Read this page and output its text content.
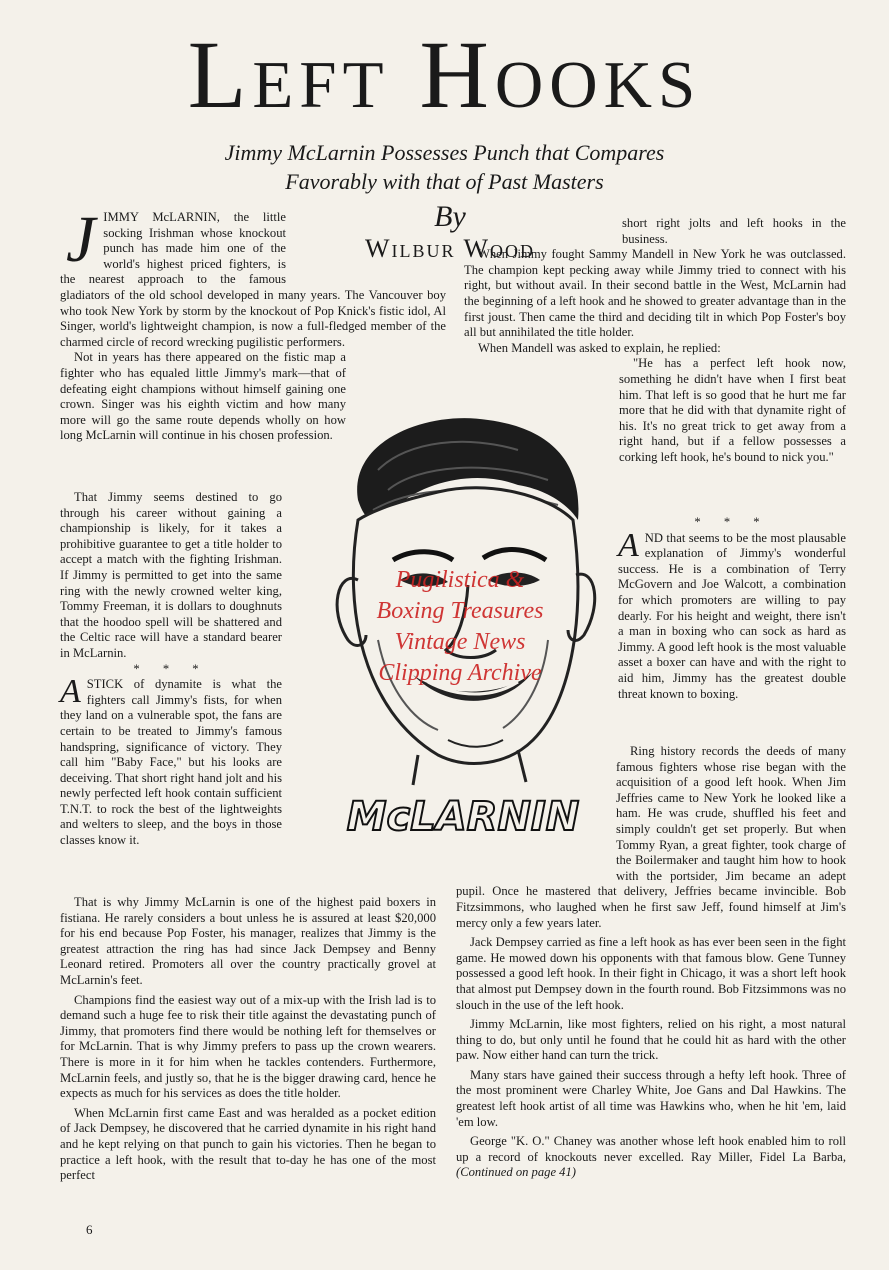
Left Hooks
Jimmy McLarnin Possesses Punch that Compares
Favorably with that of Past Masters
By
Wilbur Wood

JIMMY McLARNIN, the little socking Irishman whose knockout punch has made him one of the world's highest priced fighters, is the nearest approach to the famous gladiators of the old school developed in many years. The Vancouver boy who took New York by storm by the knockout of Pop Knick's fistic idol, Al Singer, world's lightweight champion, is now a full-fledged member of the charmed circle of record wrecking pugilistic performers.

Not in years has there appeared on the fistic map a fighter who has equaled little Jimmy's mark—that of defeating eight champions without himself gaining one crown. Singer was his eighth victim and how many more will go the same route depends wholly on how long McLarnin will continue in his chosen profession.

That Jimmy seems destined to go through his career without gaining a championship is likely, for it takes a prohibitive guarantee to get a title holder to accept a match with the fighting Irishman. If Jimmy is permitted to get into the same ring with the newly crowned welter king, Tommy Freeman, it is dollars to doughnuts that the hoodoo spell will be shattered and the Celtic race will have a standard bearer in McLarnin.

* * *

ASTICK of dynamite is what the fighters call Jimmy's fists, for when they land on a vulnerable spot, the fans are certain to be treated to Jimmy's famous handspring, significance of victory. They call him "Baby Face," but his looks are deceiving. That short right hand jolt and his newly perfected left hook contain sufficient T.N.T. to rock the best of the lightweights and welters to sleep, and the boys in those classes know it.

That is why Jimmy McLarnin is one of the highest paid boxers in fistiana. He rarely considers a bout unless he is assured at least $20,000 for his end because Pop Foster, his manager, realizes that Jimmy is the greatest attraction the ring has had since Jack Dempsey and Benny Leonard retired. Promoters all over the country practically grovel at McLarnin's feet.

Champions find the easiest way out of a mix-up with the Irish lad is to demand such a huge fee to risk their title against the devastating punch of Jimmy, that promoters find there would be nothing left for themselves or for McLarnin. That is why Jimmy prefers to pass up the crown wearers. There is more in it for him when he tackles contenders. Furthermore, McLarnin feels, and justly so, that he is the bigger drawing card, hence he expects as much for his services as does the title holder.

When McLarnin first came East and was heralded as a pocket edition of Jack Dempsey, he discovered that he carried dynamite in his right hand and he kept relying on that punch to gain his victories. Then he began to practice a left hook, with the result that to-day he has one of the most perfect

short right jolts and left hooks in the business.

When Jimmy fought Sammy Mandell in New York he was outclassed. The champion kept pecking away while Jimmy tried to connect with his right, but without avail. In their second battle in the West, McLarnin had the beginning of a left hook and he showed to greater advantage than in the first joust. Then came the third and deciding tilt in which Pop Foster's boy all but annihilated the title holder.

When Mandell was asked to explain, he replied:

"He has a perfect left hook now, something he didn't have when I first beat him. That left is so good that he hurt me far more that he did with that dynamite right of his. It's no great trick to get away from a right hand, but if a fellow possesses a corking left hook, he's bound to nick you."

* * *

AND that seems to be the most plausable explanation of Jimmy's wonderful success. He is a combination of Terry McGovern and Joe Walcott, a combination for which promoters are willing to pay dearly. For his height and weight, there isn't a man in boxing who can sock as hard as Jimmy. A good left hook is the most valuable asset a boxer can have and with the right to aid him, Jimmy has the greatest double threat known to boxing.

Ring history records the deeds of many famous fighters whose rise began with the acquisition of a good left hook. When Jim Jeffries came to New York he looked like a ham. He was crude, shuffled his feet and simply couldn't get set properly. But when Tommy Ryan, a great fighter, took charge of the Boilermaker and taught him how to hook with the portsider, Jim became an adept pupil. Once he mastered that delivery, Jeffries became invincible. Bob Fitzsimmons, who laughed when he first saw Jeff, found himself at Jim's mercy only a few years later.

Jack Dempsey carried as fine a left hook as has ever been seen in the fight game. He mowed down his opponents with that famous blow. Gene Tunney possessed a good left hook. In their fight in Chicago, it was a short left hook that almost put Dempsey down in the fourth round. Bob Fitzsimmons was no slouch in the use of the left hook.

Jimmy McLarnin, like most fighters, relied on his right, a most natural thing to do, but only until he found that he could hit as hard with the other paw. Now either hand can turn the trick.

Many stars have gained their success through a hefty left hook. Three of the most prominent were Charley White, Joe Gans and Dal Hawkins. The greatest left hook artist of all time was Hawkins who, when he hit 'em, laid 'em low.

George "K. O." Chaney was another whose left hook enabled him to roll up a record of knockouts never excelled. Ray Miller, Fidel La Barba, (Continued on page 41)

McLARNIN
Pugilistica &
Boxing Treasures
Vintage News
Clipping Archive
6
